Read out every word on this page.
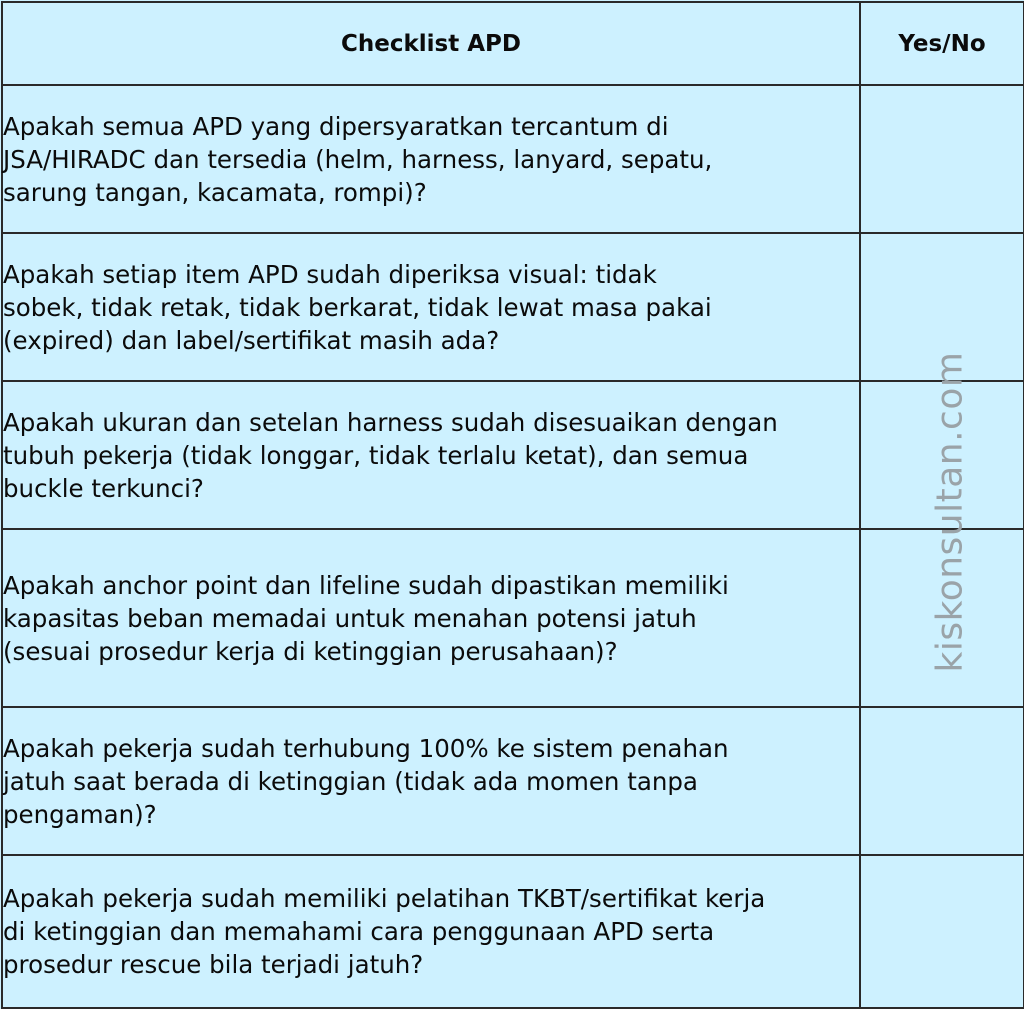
Checklist APD	Yes/No

Apakah semua APD yang dipersyaratkan tercantum di JSA/HIRADC dan tersedia (helm, harness, lanyard, sepatu, sarung tangan, kacamata, rompi)?	

Apakah setiap item APD sudah diperiksa visual: tidak sobek, tidak retak, tidak berkarat, tidak lewat masa pakai (expired) dan label/sertifikat masih ada?	

Apakah ukuran dan setelan harness sudah disesuaikan dengan tubuh pekerja (tidak longgar, tidak terlalu ketat), dan semua buckle terkunci?	

Apakah anchor point dan lifeline sudah dipastikan memiliki kapasitas beban memadai untuk menahan potensi jatuh (sesuai prosedur kerja di ketinggian perusahaan)?	

Apakah pekerja sudah terhubung 100% ke sistem penahan jatuh saat berada di ketinggian (tidak ada momen tanpa pengaman)?	

Apakah pekerja sudah memiliki pelatihan TKBT/sertifikat kerja di ketinggian dan memahami cara penggunaan APD serta prosedur rescue bila terjadi jatuh?	

kiskonsultan.com
